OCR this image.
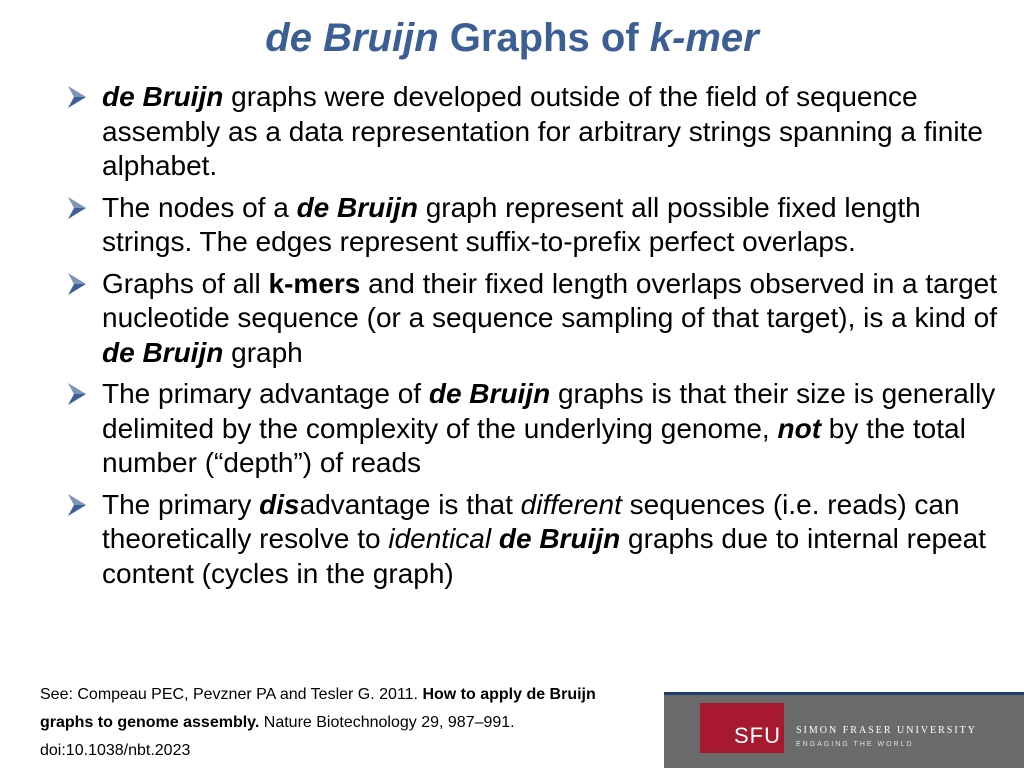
de Bruijn Graphs of k-mer
de Bruijn graphs were developed outside of the field of sequence assembly as a data representation for arbitrary strings spanning a finite alphabet.
The nodes of a de Bruijn graph represent all possible fixed length strings. The edges represent suffix-to-prefix perfect overlaps.
Graphs of all k-mers and their fixed length overlaps observed in a target nucleotide sequence (or a sequence sampling of that target), is a kind of de Bruijn graph
The primary advantage of de Bruijn graphs is that their size is generally delimited by the complexity of the underlying genome, not by the total number (“depth”) of reads
The primary disadvantage is that different sequences (i.e. reads) can theoretically resolve to identical de Bruijn graphs due to internal repeat content (cycles in the graph)
See: Compeau PEC, Pevzner PA and Tesler G. 2011. How to apply de Bruijn graphs to genome assembly. Nature Biotechnology 29, 987–991. doi:10.1038/nbt.2023
SFU SIMON FRASER UNIVERSITY
ENGAGING THE WORLD
